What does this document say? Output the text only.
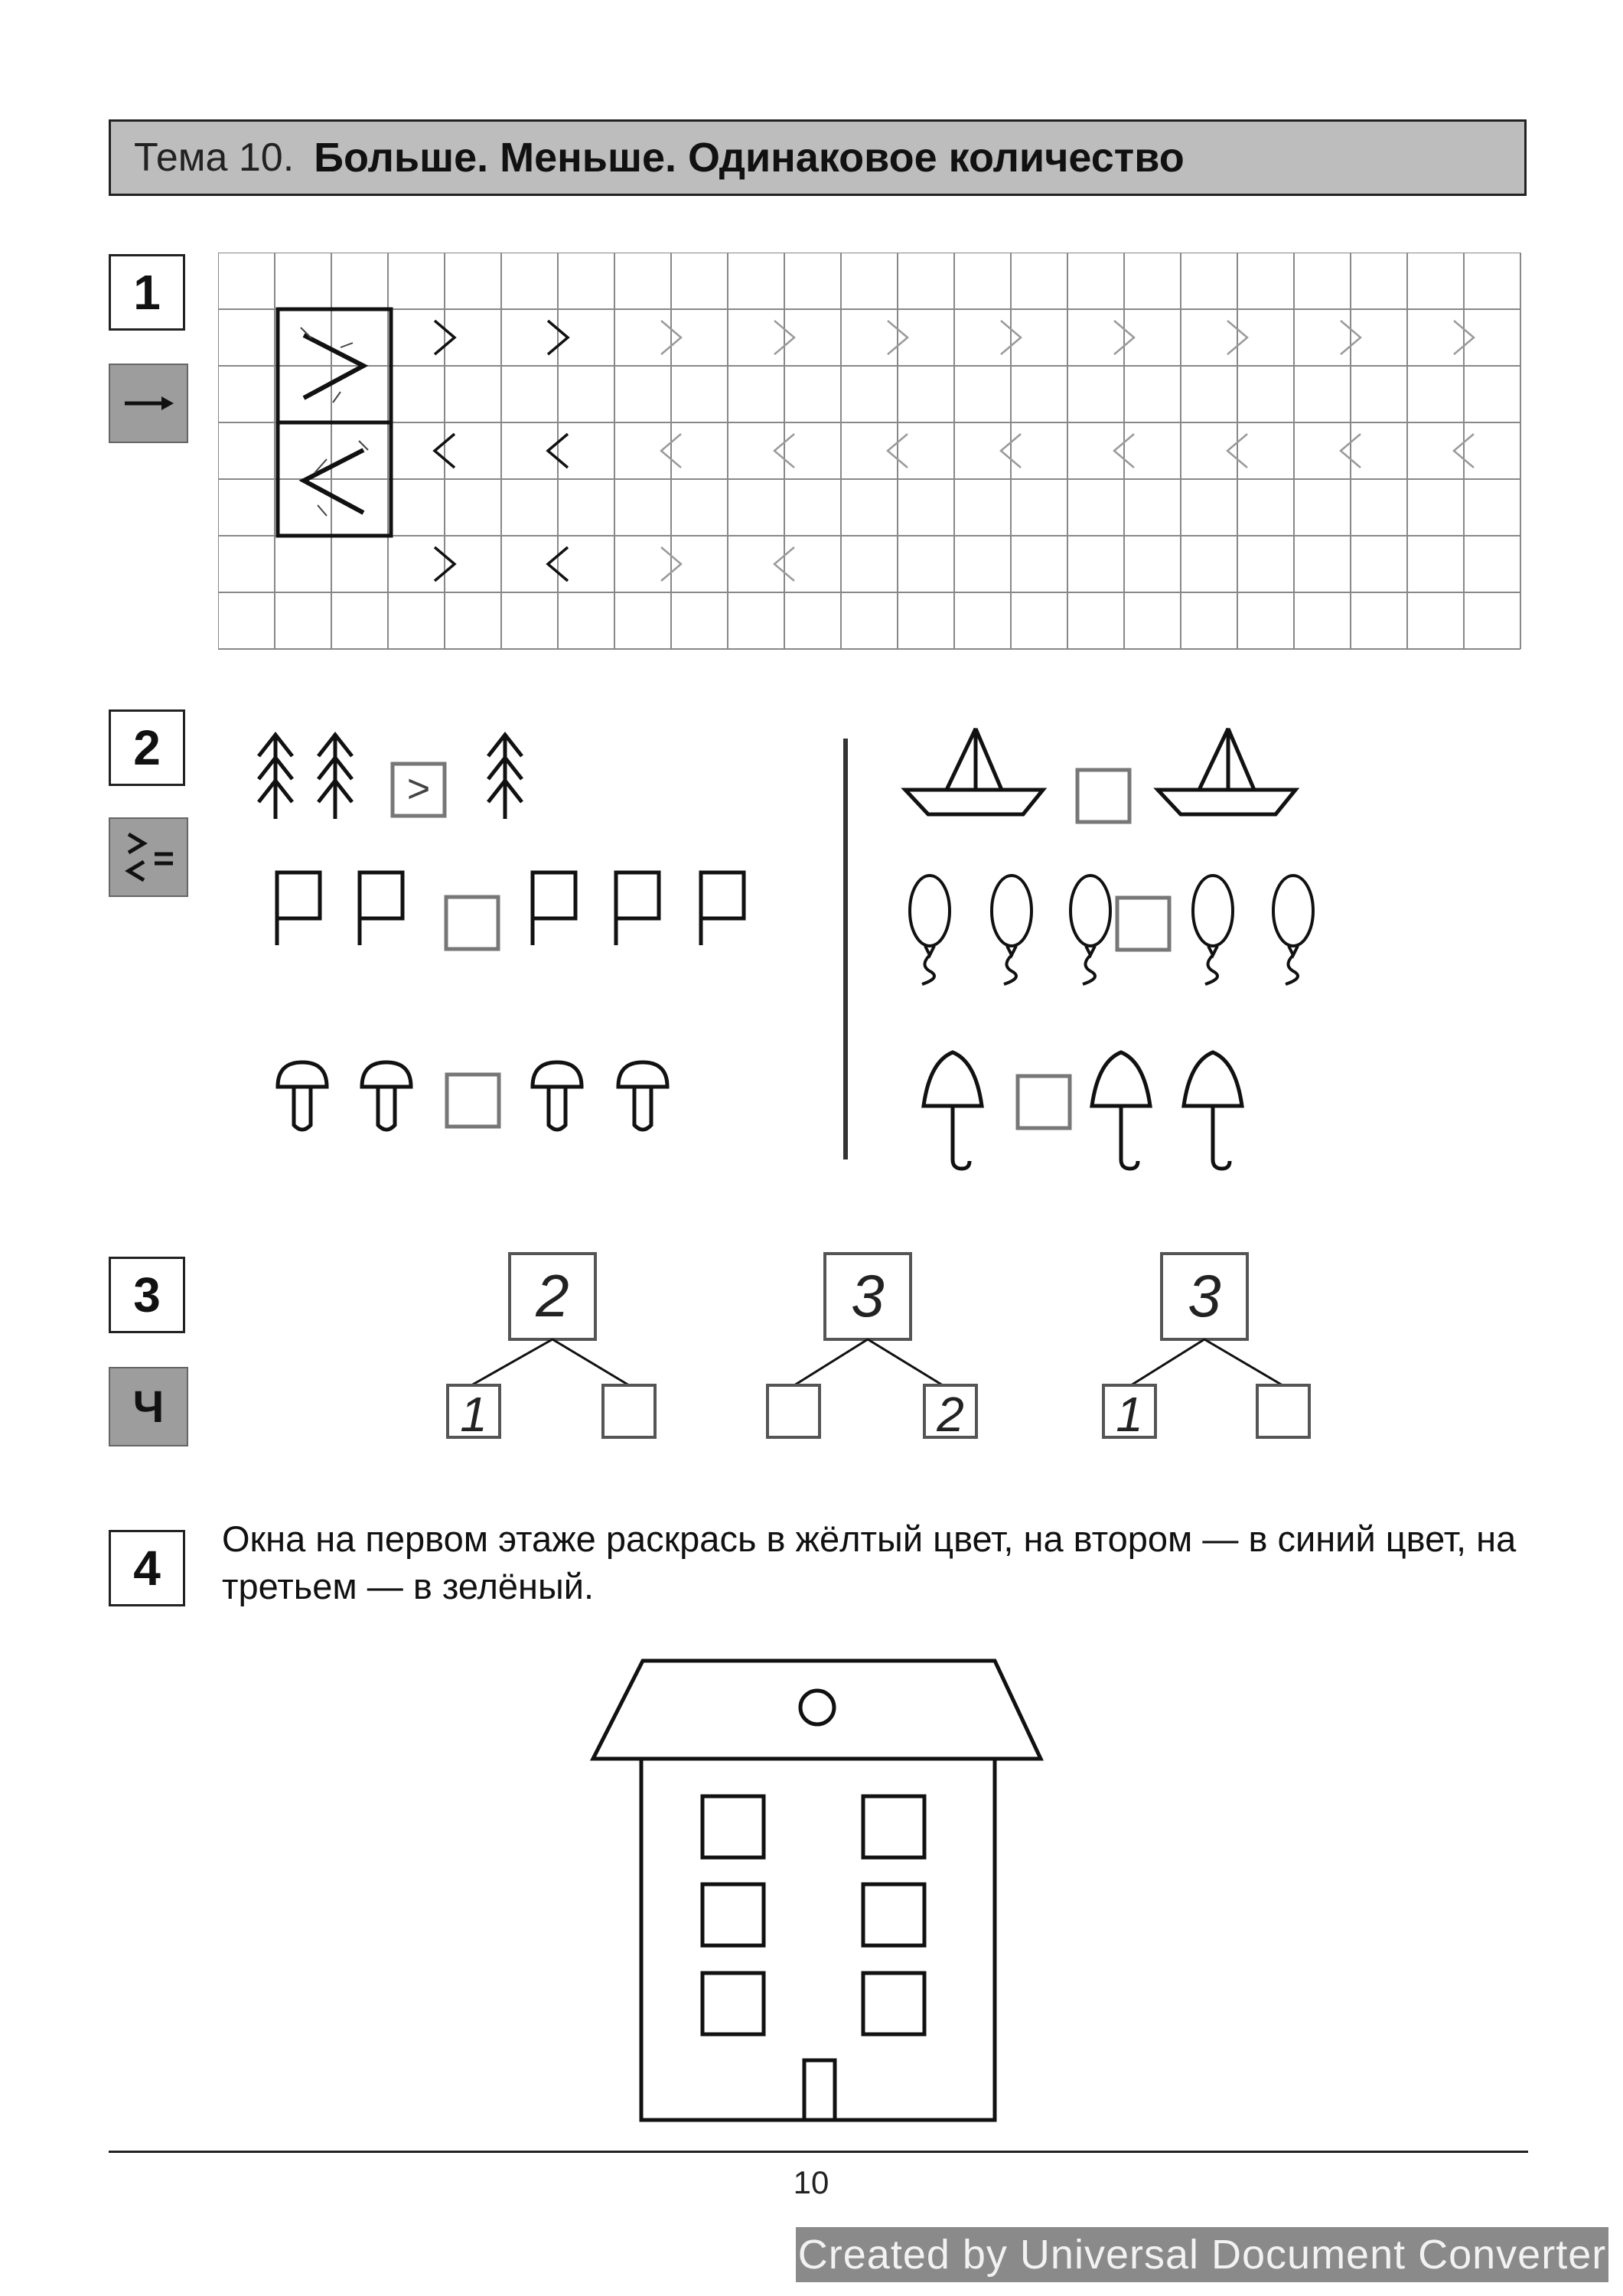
Тема 10. Больше. Меньше. Одинаковое количество
1
2
3
Ч
4
>
2
1
3
2
3
1
Окна на первом этаже раскрась в жёлтый цвет, на втором — в синий цвет, на третьем — в зелёный.
10
Created by Universal Document Converter
